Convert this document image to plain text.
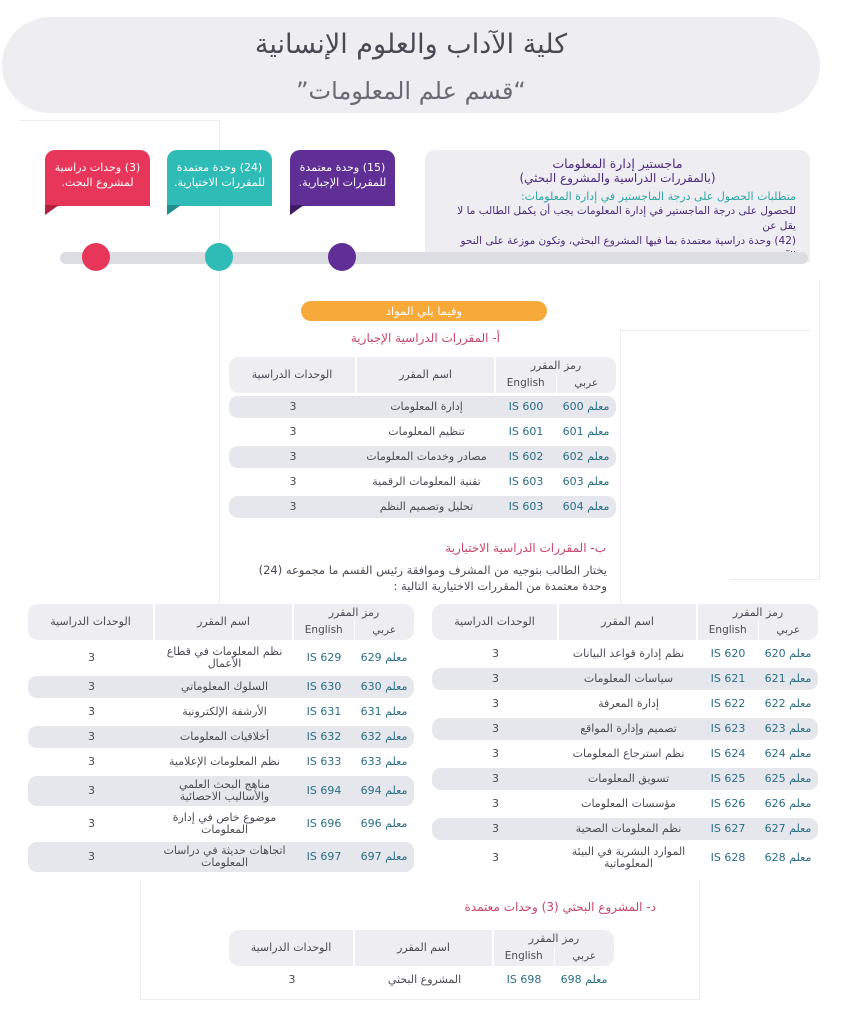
كلية الآداب والعلوم الإنسانية
“قسم علم المعلومات”
(3) وحدات دراسية لمشروع البحث.
(24) وحدة معتمدة للمقررات الاختيارية.
(15) وحدة معتمدة للمقررات الإجبارية.
ماجستير إدارة المعلومات
(بالمقررات الدراسية والمشروع البحثي)
متطلبات الحصول على درجة الماجستير في إدارة المعلومات:
للحصول على درجة الماجستير في إدارة المعلومات يجب أن يكمل الطالب ما لا يقل عن
(42) وحدة دراسية معتمدة بما فيها المشروع البحثي، وتكون موزعة على النحو
وفيما يلي المواد
أ- المقررات الدراسية الإجبارية
رمز المقرر
عربي
English
اسم المقرر
الوحدات الدراسية
معلم 600
IS 600
إدارة المعلومات
3
معلم 601
IS 601
تنظيم المعلومات
3
معلم 602
IS 602
مصادر وخدمات المعلومات
3
معلم 603
IS 603
تقنية المعلومات الرقمية
3
معلم 604
IS 603
تحليل وتصميم النظم
3
ب- المقررات الدراسية الاختيارية
يختار الطالب بتوجيه من المشرف وموافقة رئيس القسم ما مجموعه (24)
وحدة معتمدة من المقررات الاختيارية التالية :
رمز المقرر
عربي
English
اسم المقرر
الوحدات الدراسية
معلم 620
IS 620
نظم إدارة قواعد البيانات
3
معلم 621
IS 621
سياسات المعلومات
3
معلم 622
IS 622
إدارة المعرفة
3
معلم 623
IS 623
تصميم وإدارة المواقع
3
معلم 624
IS 624
نظم استرجاع المعلومات
3
معلم 625
IS 625
تسويق المعلومات
3
معلم 626
IS 626
مؤسسات المعلومات
3
معلم 627
IS 627
نظم المعلومات الصحية
3
معلم 628
IS 628
الموارد البشرية في البيئة المعلوماتية
3
رمز المقرر
عربي
English
اسم المقرر
الوحدات الدراسية
معلم 629
IS 629
نظم المعلومات في قطاع الأعمال
3
معلم 630
IS 630
السلوك المعلوماتي
3
معلم 631
IS 631
الأرشفة الإلكترونية
3
معلم 632
IS 632
أخلاقيات المعلومات
3
معلم 633
IS 633
نظم المعلومات الإعلامية
3
معلم 694
IS 694
مناهج البحث العلمي والأساليب الاحصائية
3
معلم 696
IS 696
موضوع خاص في إدارة المعلومات
3
معلم 697
IS 697
اتجاهات حديثة في دراسات المعلومات
3
د- المشروع البحثي (3) وحدات معتمدة
رمز المقرر
عربي
English
اسم المقرر
الوحدات الدراسية
معلم 698
IS 698
المشروع البحثي
3
